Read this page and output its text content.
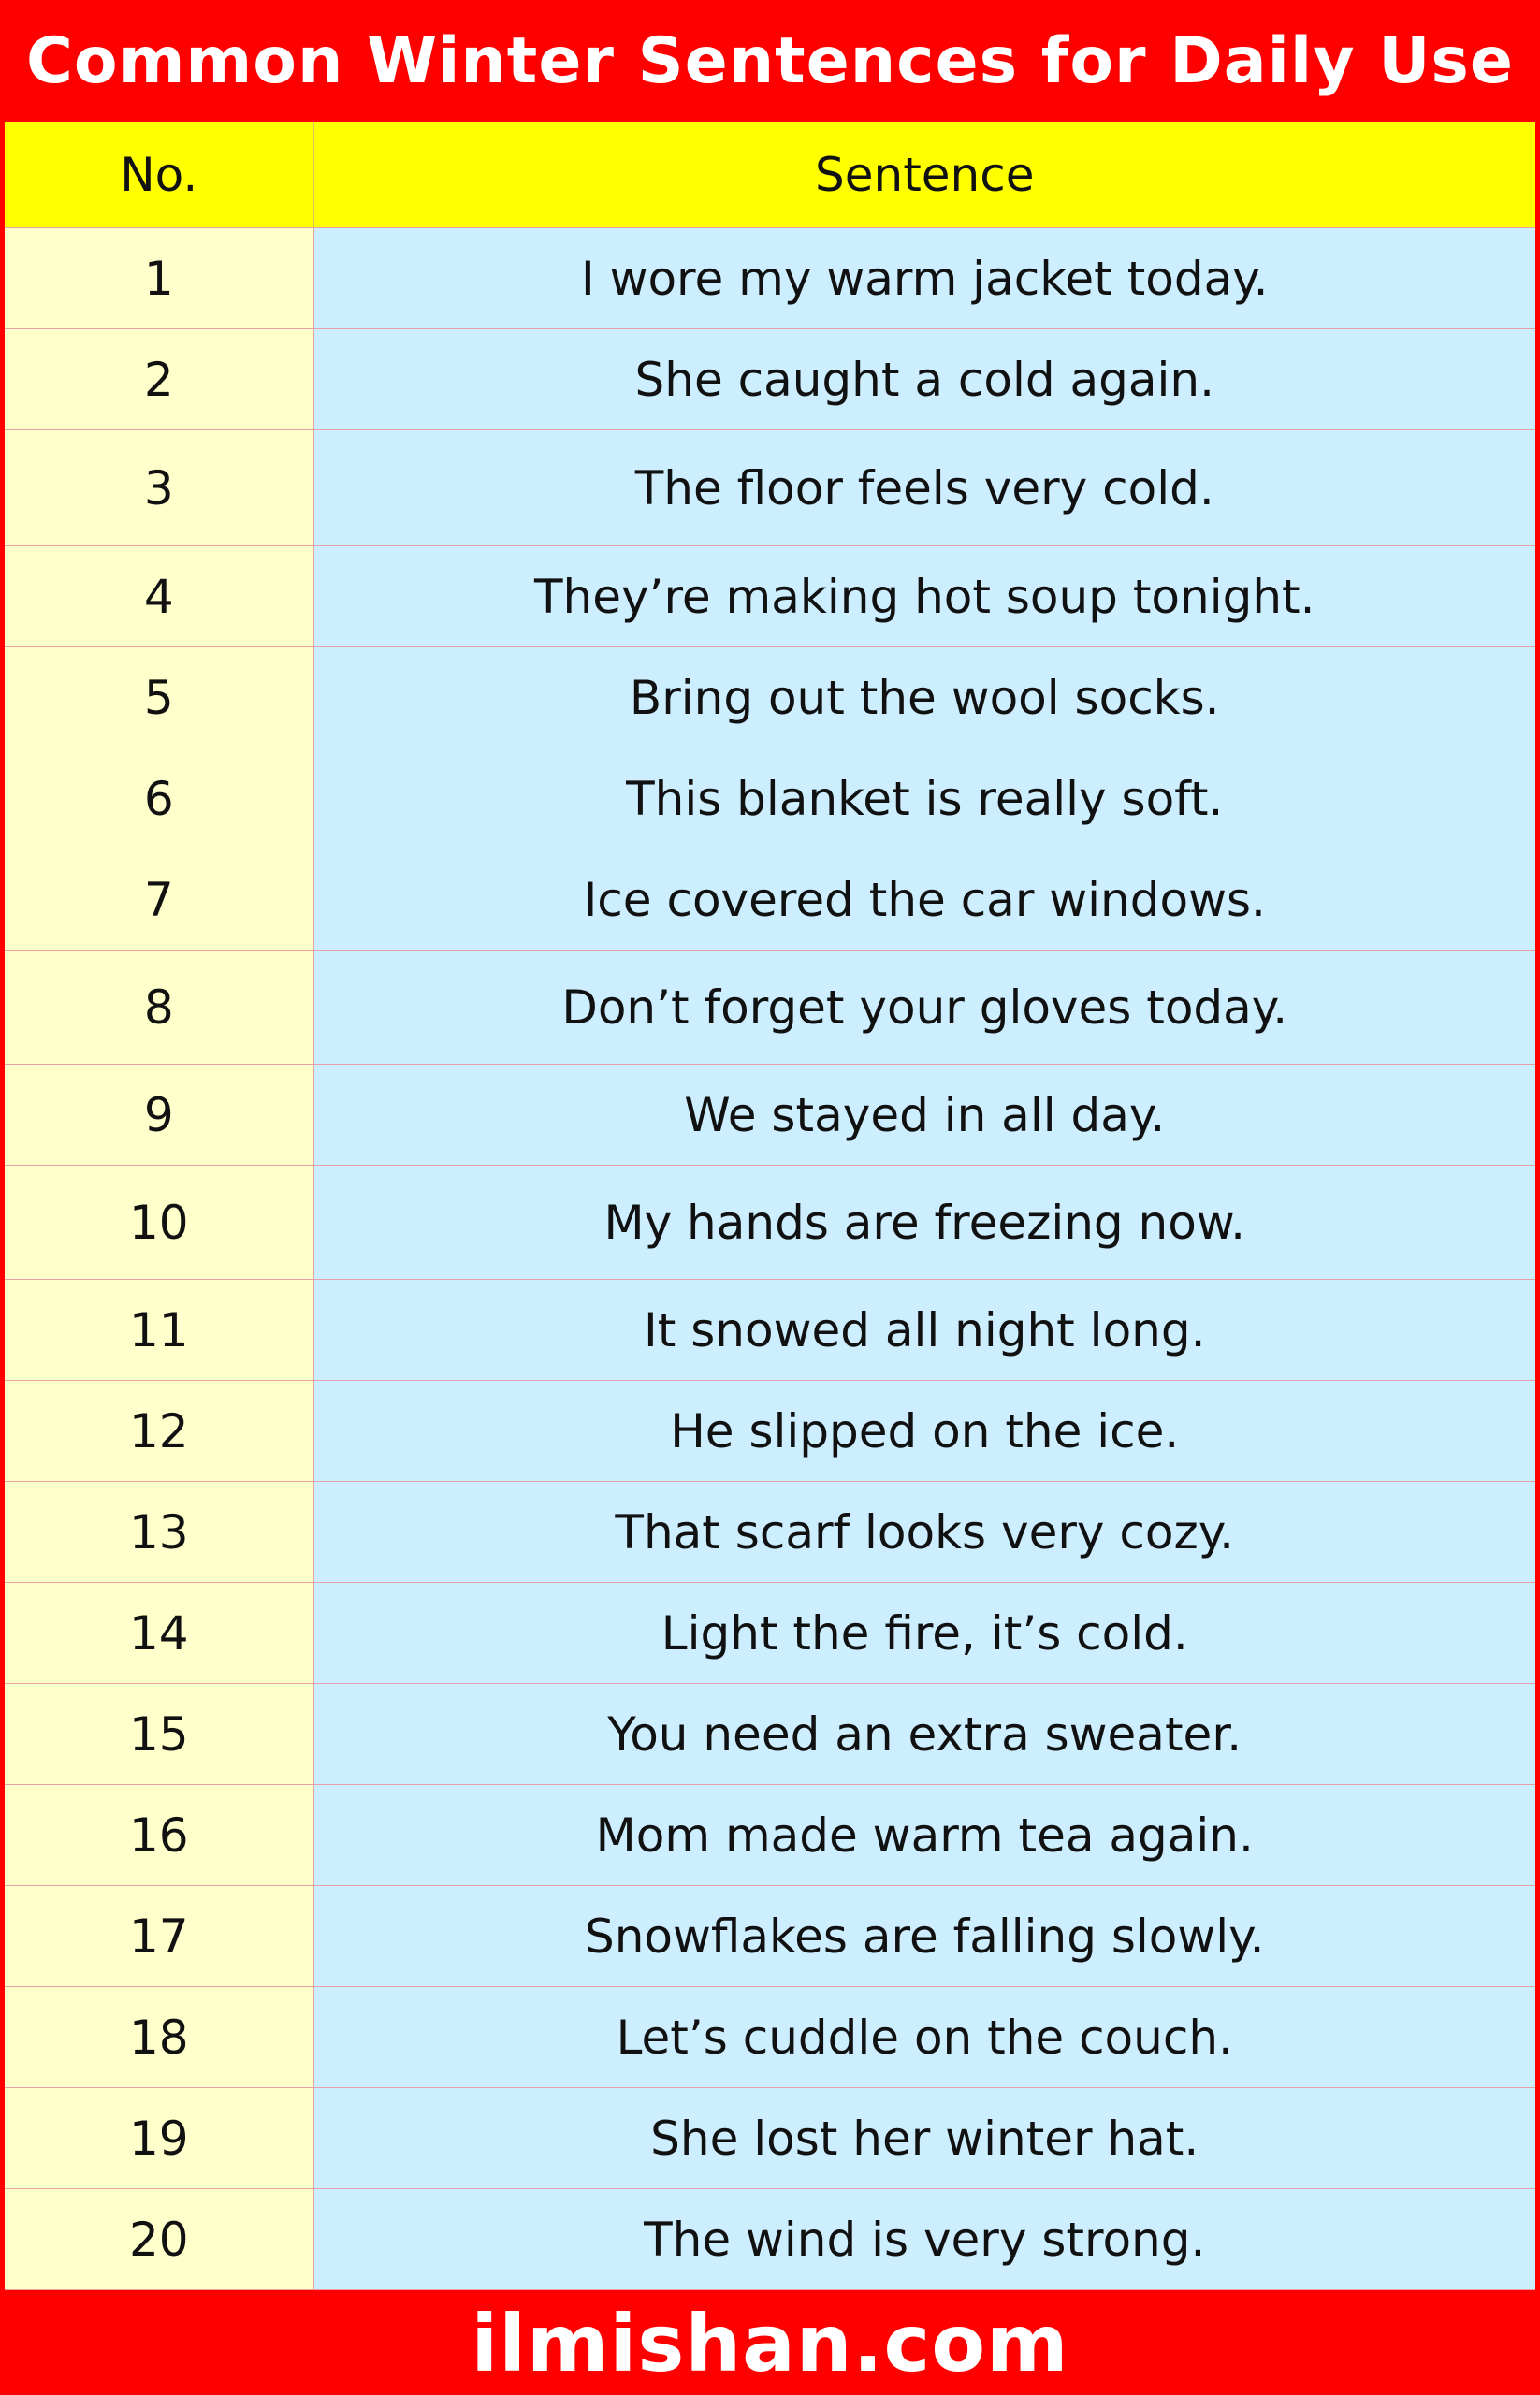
Common Winter Sentences for Daily Use
No.	Sentence
1	I wore my warm jacket today.
2	She caught a cold again.
3	The floor feels very cold.
4	They’re making hot soup tonight.
5	Bring out the wool socks.
6	This blanket is really soft.
7	Ice covered the car windows.
8	Don’t forget your gloves today.
9	We stayed in all day.
10	My hands are freezing now.
11	It snowed all night long.
12	He slipped on the ice.
13	That scarf looks very cozy.
14	Light the fire, it’s cold.
15	You need an extra sweater.
16	Mom made warm tea again.
17	Snowflakes are falling slowly.
18	Let’s cuddle on the couch.
19	She lost her winter hat.
20	The wind is very strong.
ilmishan.com
